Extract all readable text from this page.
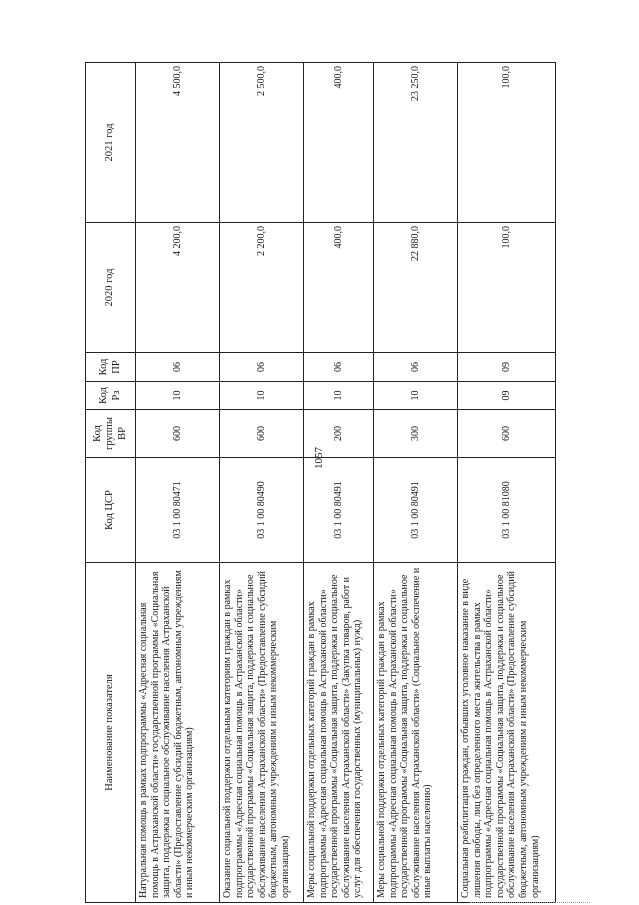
1057
Наименование показателя	Код ЦСР	Код группы ВР	Код Рз	Код ПР	2020 год	2021 год
Натуральная помощь в рамках подпрограммы «Адресная социальная помощь в Астраханской области» государственной программы «Социальная защита, поддержка и социальное обслуживание населения Астраханской области» (Предоставление субсидий бюджетным, автономным учреждениям и иным некоммерческим организациям)	03 1 00 80471	600	10	06	4 200,0	4 500,0
Оказание социальной поддержки отдельным категориям граждан в рамках подпрограммы «Адресная социальная помощь в Астраханской области» государственной программы «Социальная защита, поддержка и социальное обслуживание населения Астраханской области» (Предоставление субсидий бюджетным, автономным учреждениям и иным некоммерческим организациям)	03 1 00 80490	600	10	06	2 200,0	2 500,0
Меры социальной поддержки отдельных категорий граждан в рамках подпрограммы «Адресная социальная помощь в Астраханской области» государственной программы «Социальная защита, поддержка и социальное обслуживание населения Астраханской области» (Закупка товаров, работ и услуг для обеспечения государственных (муниципальных) нужд)	03 1 00 80491	200	10	06	400,0	400,0
Меры социальной поддержки отдельных категорий граждан в рамках подпрограммы «Адресная социальная помощь в Астраханской области» государственной программы «Социальная защита, поддержка и социальное обслуживание населения Астраханской области» (Социальное обеспечение и иные выплаты населению)	03 1 00 80491	300	10	06	22 880,0	23 250,0
Социальная реабилитация граждан, отбывших уголовное наказание в виде лишения свободы, лиц без определенного места жительства в рамках подпрограммы «Адресная социальная помощь в Астраханской области» государственной программы «Социальная защита, поддержка и социальное обслуживание населения Астраханской области» (Предоставление субсидий бюджетным, автономным учреждениям и иным некоммерческим организациям)	03 1 00 81080	600	09	09	100,0	100,0
